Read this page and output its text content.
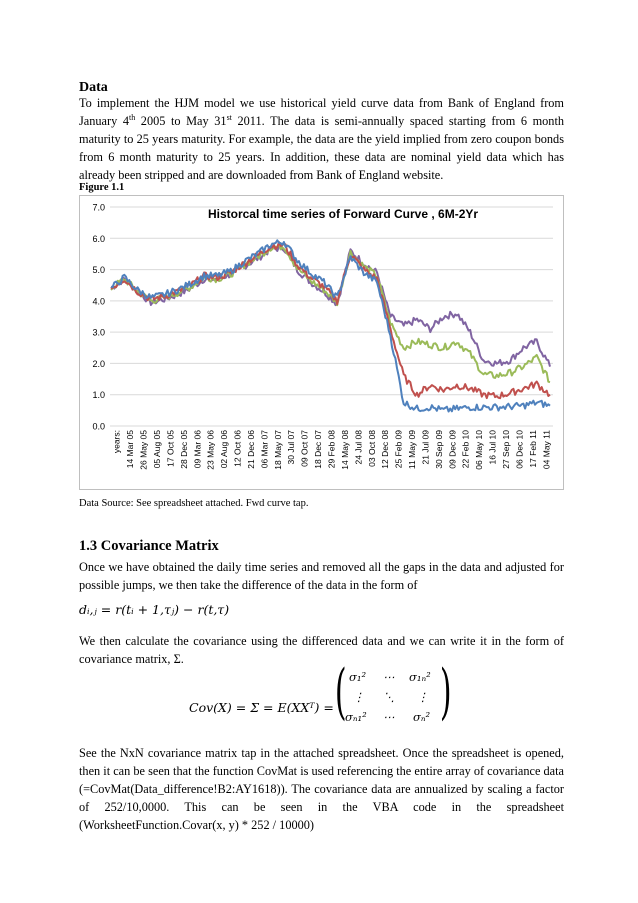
Data
To implement the HJM model we use historical yield curve data from Bank of England from January 4th 2005 to May 31st 2011. The data is semi-annually spaced starting from 6 month maturity to 25 years maturity. For example, the data are the yield implied from zero coupon bonds from 6 month maturity to 25 years. In addition, these data are nominal yield data which has already been stripped and are downloaded from Bank of England website.
Figure 1.1
0.0
1.0
2.0
3.0
4.0
5.0
6.0
7.0
years: 14 Mar 05 26 May 05 05 Aug 05 17 Oct 05 28 Dec 05 09 Mar 06 23 May 06 02 Aug 06 12 Oct 06 21 Dec 06 06 Mar 07 18 May 07 30 Jul 07 09 Oct 07 18 Dec 07 29 Feb 08 14 May 08 24 Jul 08 03 Oct 08 12 Dec 08 25 Feb 09 11 May 09 21 Jul 09 30 Sep 09 09 Dec 09 22 Feb 10 06 May 10 16 Jul 10 27 Sep 10 06 Dec 10 17 Feb 11 04 May 11
Historcal time series of Forward Curve , 6M-2Yr
Data Source: See spreadsheet attached. Fwd curve tap.
1.3 Covariance Matrix
Once we have obtained the daily time series and removed all the gaps in the data and adjusted for possible jumps, we then take the difference of the data in the form of
dᵢ,ⱼ = r(tᵢ + 1,τⱼ) − r(t,τ)
We then calculate the covariance using the differenced data and we can write it in the form of covariance matrix, Σ.
Cov(X) = Σ = E(XXᵀ) = ( )
σ₁² ⋯ σ₁ₙ²
⋮ ⋱ ⋮
σₙ₁² ⋯ σₙ²
See the NxN covariance matrix tap in the attached spreadsheet. Once the spreadsheet is opened, then it can be seen that the function CovMat is used referencing the entire array of covariance data (=CovMat(Data_difference!B2:AY1618)). The covariance data are annualized by scaling a factor of 252/10,0000. This can be seen in the VBA code in the spreadsheet (WorksheetFunction.Covar(x, y) * 252 / 10000)
